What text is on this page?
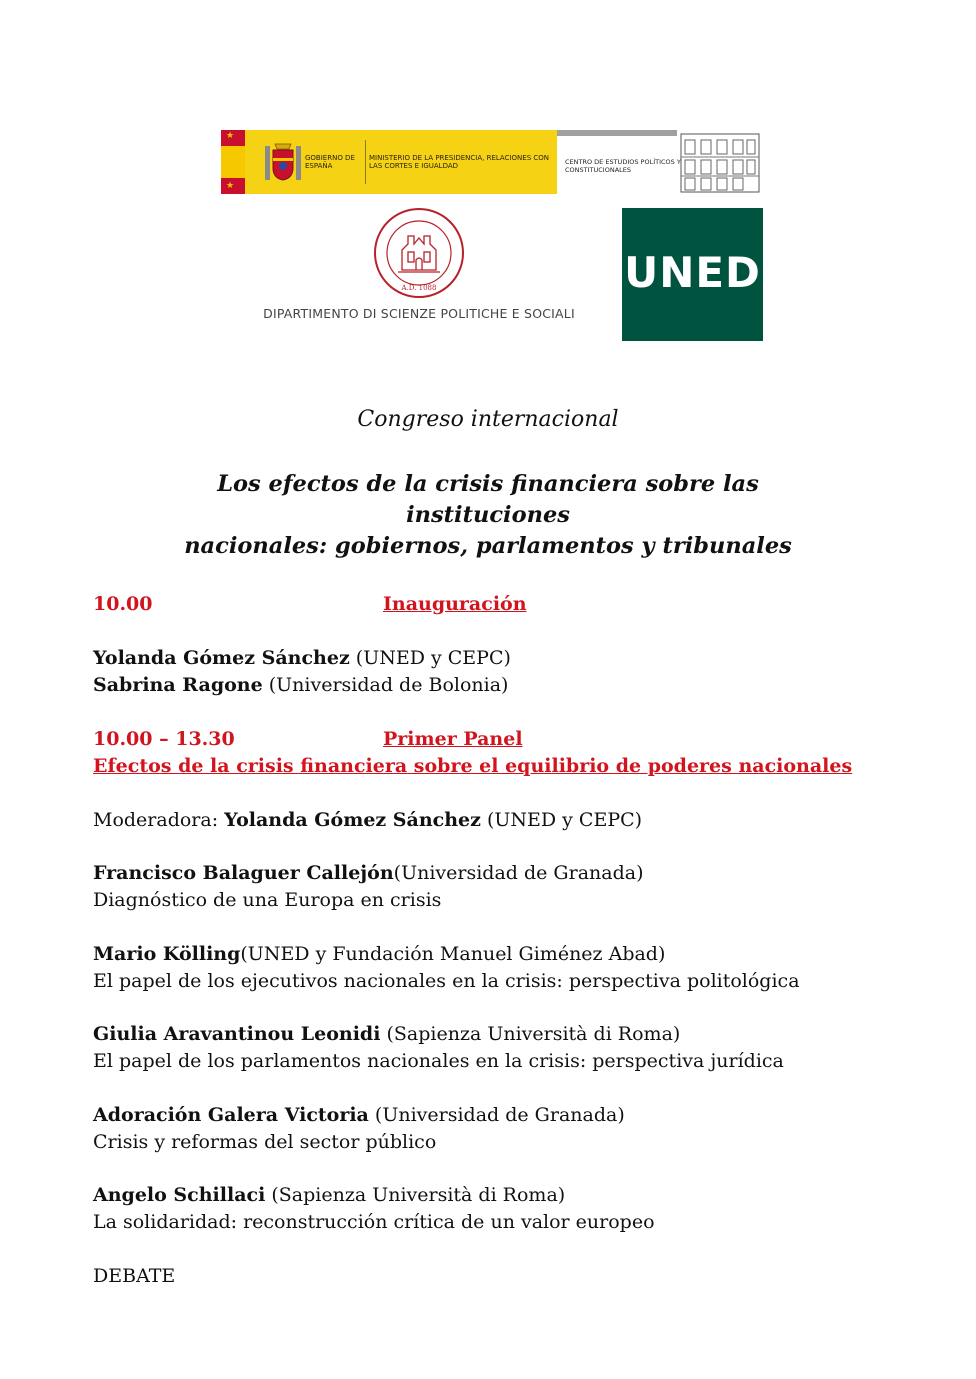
★
★
★
GOBIERNO DE ESPAÑA
MINISTERIO DE LA PRESIDENCIA, RELACIONES CON LAS CORTES E IGUALDAD	CENTRO DE ESTUDIOS POLÍTICOS Y CONSTITUCIONALES
A.D. 1088
DIPARTIMENTO DI SCIENZE POLITICHE E SOCIALI
UNED
Congreso internacional
Los efectos de la crisis financiera sobre las instituciones
nacionales: gobiernos, parlamentos y tribunales
10.00	Inauguración
Yolanda Gómez Sánchez (UNED y CEPC)
Sabrina Ragone (Universidad de Bolonia)
10.00 – 13.30	Primer Panel
Efectos de la crisis financiera sobre el equilibrio de poderes nacionales
Moderadora: Yolanda Gómez Sánchez (UNED y CEPC)
Francisco Balaguer Callejón(Universidad de Granada)
Diagnóstico de una Europa en crisis
Mario Kölling(UNED y Fundación Manuel Giménez Abad)
El papel de los ejecutivos nacionales en la crisis: perspectiva politológica
Giulia Aravantinou Leonidi (Sapienza Università di Roma)
El papel de los parlamentos nacionales en la crisis: perspectiva jurídica
Adoración Galera Victoria (Universidad de Granada)
Crisis y reformas del sector público
Angelo Schillaci (Sapienza Università di Roma)
La solidaridad: reconstrucción crítica de un valor europeo
DEBATE
